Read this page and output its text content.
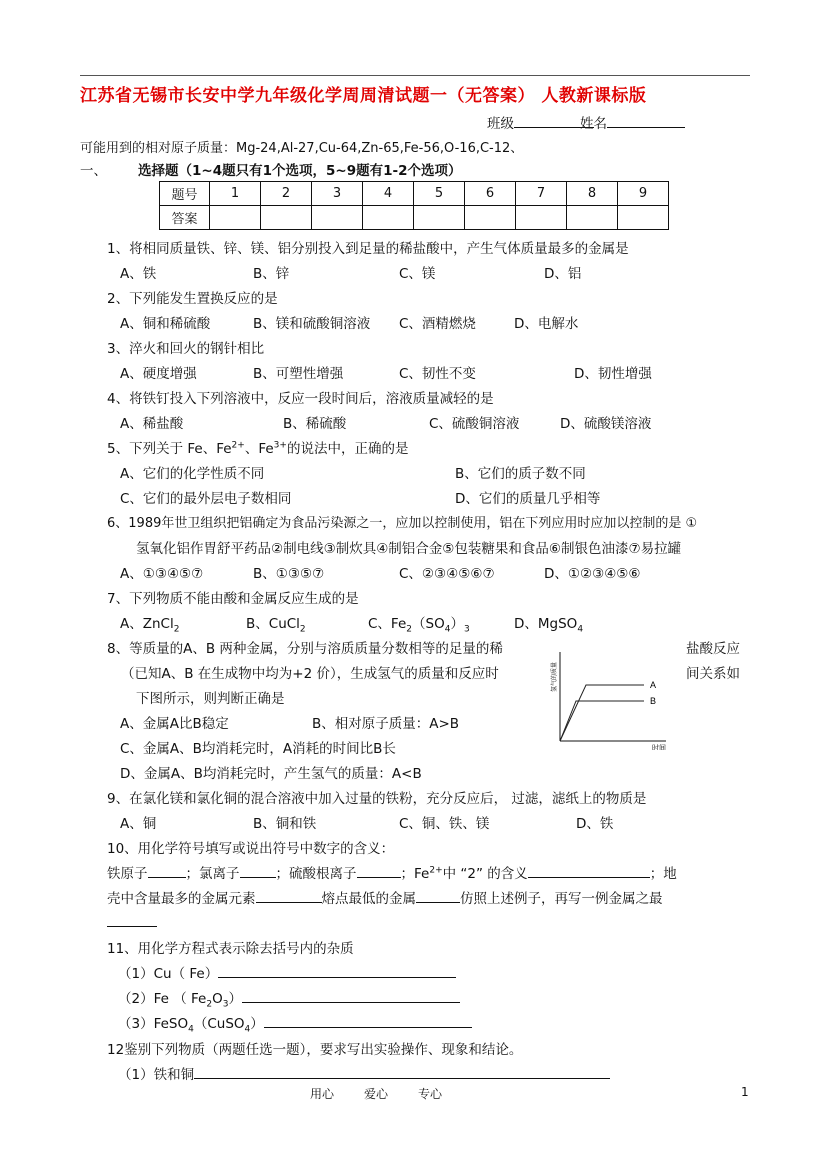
江苏省无锡市长安中学九年级化学周周清试题一（无答案） 人教新课标版
班级	姓名
可能用到的相对原子质量：Mg-24,Al-27,Cu-64,Zn-65,Fe-56,O-16,C-12、
一、 选择题（1~4题只有1个选项，5~9题有1-2个选项）
题号	1	2	3	4	5	6	7	8	9
答案									
1、将相同质量铁、锌、镁、铝分别投入到足量的稀盐酸中，产生气体质量最多的金属是
A、铁	B、锌	C、镁	D、铝
2、下列能发生置换反应的是
A、铜和稀硫酸	B、镁和硫酸铜溶液 C、酒精燃烧	D、电解水
3、淬火和回火的钢针相比
A、硬度增强	B、可塑性增强	C、韧性不变	D、韧性增强
4、将铁钉投入下列溶液中，反应一段时间后，溶液质量减轻的是
A、稀盐酸	B、稀硫酸	C、硫酸铜溶液	D、硫酸镁溶液
5、下列关于 Fe、$Fe^{2+}$、$Fe^{3+}$的说法中，正确的是
A、它们的化学性质不同	B、它们的质子数不同
C、它们的最外层电子数相同	D、它们的质量几乎相等
6、1989年世卫组织把铝确定为食品污染源之一，应加以控制使用，铝在下列应用时应加以控制的是 ①
氢氧化铝作胃舒平药品②制电线③制炊具④制铝合金⑤包装糖果和食品⑥制银色油漆⑦易拉罐
A、①③④⑤⑦	B、①③⑤⑦	C、②③④⑤⑥⑦	D、①②③④⑤⑥
7、下列物质不能由酸和金属反应生成的是
A、ZnCl$_2$	B、CuCl$_2$	C、$Fe_2(SO_4)_3$	D、MgSO$_4$
8、等质量的A、B 两种金属，分别与溶质质量分数相等的足量的稀	盐酸反应
（已知A、B 在生成物中均为+2 价），生成氢气的质量和反应时	间关系如
下图所示，则判断正确是
A
B
时间
氢气的质量
A、金属A比B稳定	B、相对原子质量：A>B
C、金属A、B均消耗完时，A消耗的时间比B长
D、金属A、B均消耗完时，产生氢气的质量：A<B
9、在氯化镁和氯化铜的混合溶液中加入过量的铁粉，充分反应后， 过滤，滤纸上的物质是
A、铜	B、铜和铁	C、铜、铁、镁	D、铁
10、用化学符号填写或说出符号中数字的含义：
铁原子	；氯离子	；硫酸根离子	；$Fe^{2+}$中 “2” 的含义	；地
壳中含量最多的金属元素	熔点最低的金属	仿照上述例子，再写一例金属之最
11、用化学方程式表示除去括号内的杂质
（1）Cu（ Fe）
（2）Fe （ $Fe_2O_3$）
（3）FeSO$_4$（CuSO$_4$）
12鉴别下列物质（两题任选一题），要求写出实验操作、现象和结论。
（1）铁和铜
用心	爱心	专心	1
